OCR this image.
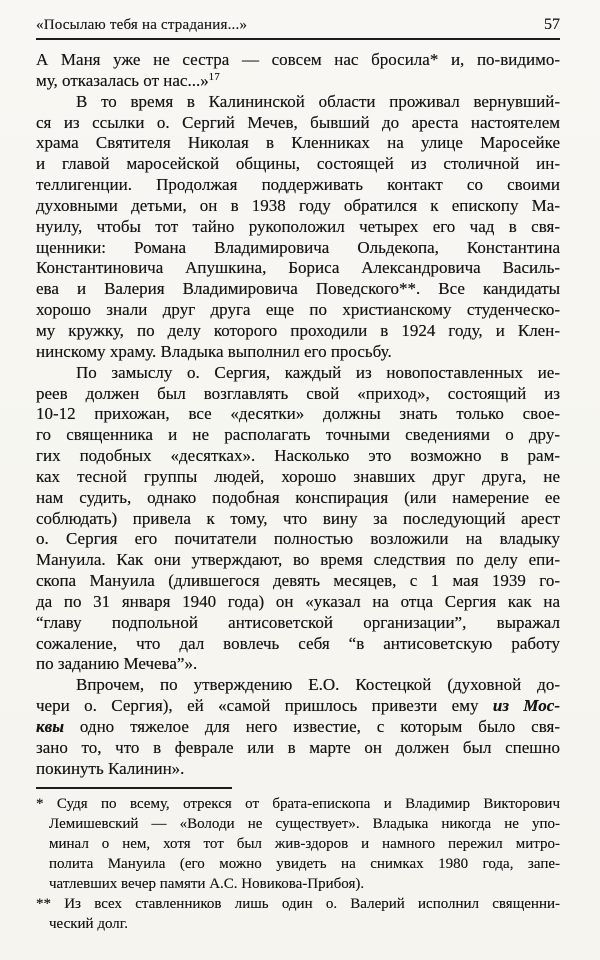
«Посылаю тебя на страдания...»	57
А Маня уже не сестра — совсем нас бросила* и, по-видимо-
му, отказалась от нас...»$^{17}$
В то время в Калининской области проживал вернувший-
ся из ссылки о. Сергий Мечев, бывший до ареста настоятелем
храма Святителя Николая в Кленниках на улице Маросейке
и главой маросейской общины, состоящей из столичной ин-
теллигенции. Продолжая поддерживать контакт со своими
духовными детьми, он в 1938 году обратился к епископу Ма-
нуилу, чтобы тот тайно рукоположил четырех его чад в свя-
щенники: Романа Владимировича Ольдекопа, Константина
Константиновича Апушкина, Бориса Александровича Василь-
ева и Валерия Владимировича Поведского**. Все кандидаты
хорошо знали друг друга еще по христианскому студенческо-
му кружку, по делу которого проходили в 1924 году, и Клен-
нинскому храму. Владыка выполнил его просьбу.
По замыслу о. Сергия, каждый из новопоставленных ие-
реев должен был возглавлять свой «приход», состоящий из
10-12 прихожан, все «десятки» должны знать только свое-
го священника и не располагать точными сведениями о дру-
гих подобных «десятках». Насколько это возможно в рам-
ках тесной группы людей, хорошо знавших друг друга, не
нам судить, однако подобная конспирация (или намерение ее
соблюдать) привела к тому, что вину за последующий арест
о. Сергия его почитатели полностью возложили на владыку
Мануила. Как они утверждают, во время следствия по делу епи-
скопа Мануила (длившегося девять месяцев, с 1 мая 1939 го-
да по 31 января 1940 года) он «указал на отца Сергия как на
“главу подпольной антисоветской организации”, выражал
сожаление, что дал вовлечь себя “в антисоветскую работу
по заданию Мечева”».
Впрочем, по утверждению Е.О. Костецкой (духовной до-
чери о. Сергия), ей «самой пришлось привезти ему из Мос-
квы одно тяжелое для него известие, с которым было свя-
зано то, что в феврале или в марте он должен был спешно
покинуть Калинин».
* Судя по всему, отрекся от брата-епископа и Владимир Викторович
Лемишевский — «Володи не существует». Владыка никогда не упо-
минал о нем, хотя тот был жив-здоров и намного пережил митро-
полита Мануила (его можно увидеть на снимках 1980 года, запе-
чатлевших вечер памяти А.С. Новикова-Прибоя).
** Из всех ставленников лишь один о. Валерий исполнил священни-
ческий долг.
